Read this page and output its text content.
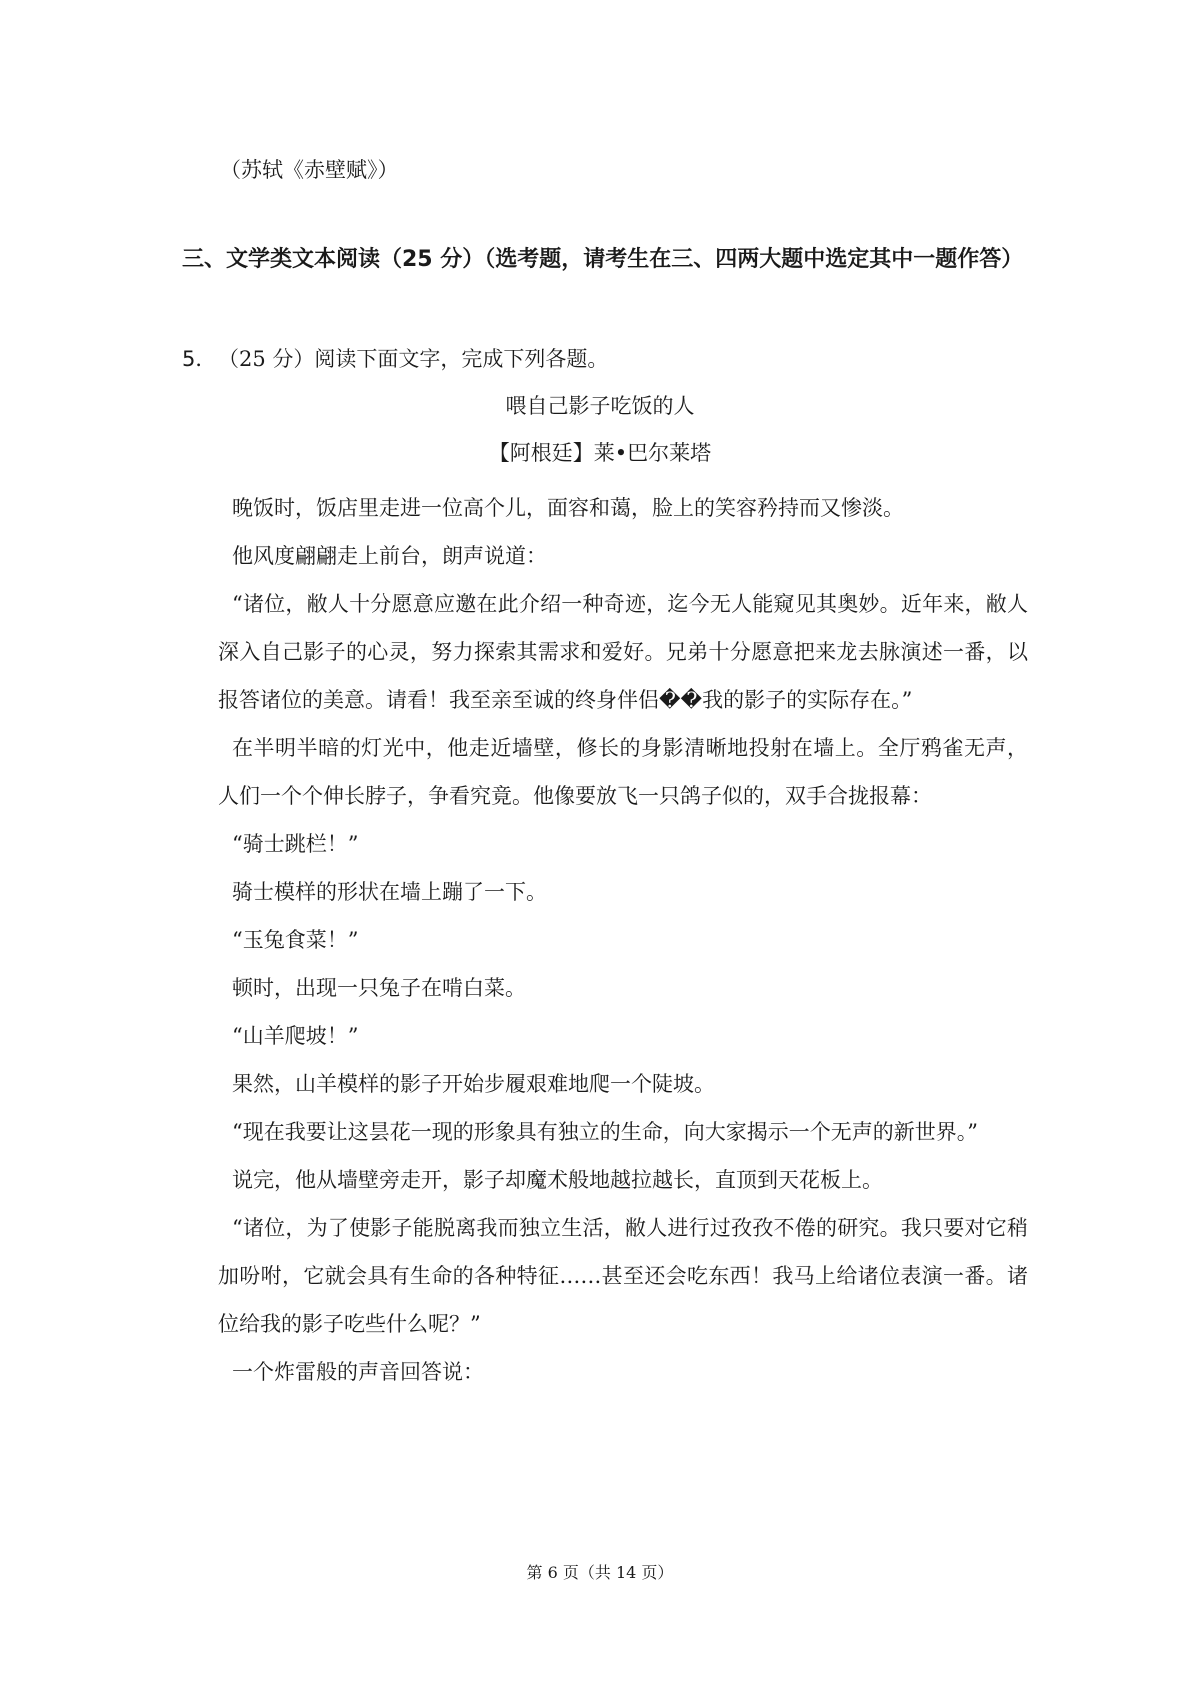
（苏轼《赤壁赋》）
三、文学类文本阅读（25 分）（选考题，请考生在三、四两大题中选定其中一题作答）
5．（25 分）阅读下面文字，完成下列各题。
喂自己影子吃饭的人
【阿根廷】莱•巴尔莱塔

晚饭时，饭店里走进一位高个儿，面容和蔼，脸上的笑容矜持而又惨淡。

他风度翩翩走上前台，朗声说道：

“诸位，敝人十分愿意应邀在此介绍一种奇迹，迄今无人能窥见其奥妙。近年来，敝人深入自己影子的心灵，努力探索其需求和爱好。兄弟十分愿意把来龙去脉演述一番，以报答诸位的美意。请看！我至亲至诚的终身伴侣��我的影子的实际存在。”

在半明半暗的灯光中，他走近墙壁，修长的身影清晰地投射在墙上。全厅鸦雀无声，人们一个个伸长脖子，争看究竟。他像要放飞一只鸽子似的，双手合拢报幕：

“骑士跳栏！”

骑士模样的形状在墙上蹦了一下。

“玉兔食菜！”

顿时，出现一只兔子在啃白菜。

“山羊爬坡！”

果然，山羊模样的影子开始步履艰难地爬一个陡坡。

“现在我要让这昙花一现的形象具有独立的生命，向大家揭示一个无声的新世界。”

说完，他从墙壁旁走开，影子却魔术般地越拉越长，直顶到天花板上。

“诸位，为了使影子能脱离我而独立生活，敝人进行过孜孜不倦的研究。我只要对它稍加吩咐，它就会具有生命的各种特征……甚至还会吃东西！我马上给诸位表演一番。诸位给我的影子吃些什么呢？”

一个炸雷般的声音回答说：

第 6 页（共 14 页）
